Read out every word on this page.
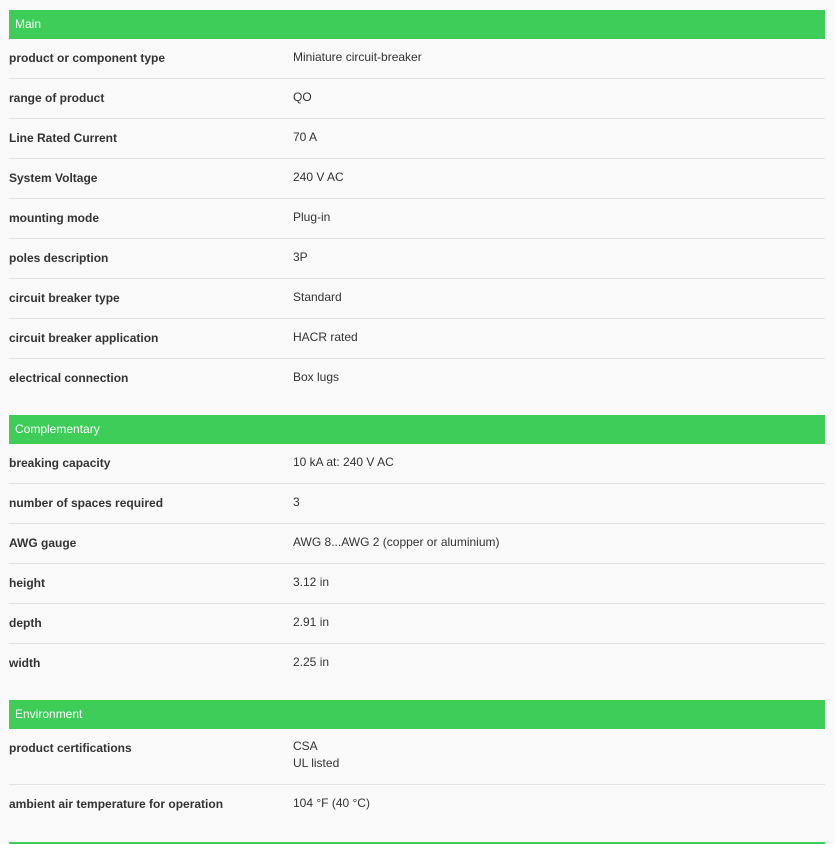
Main
product or component type	Miniature circuit-breaker
range of product	QO
Line Rated Current	70 A
System Voltage	240 V AC
mounting mode	Plug-in
poles description	3P
circuit breaker type	Standard
circuit breaker application	HACR rated
electrical connection	Box lugs
Complementary
breaking capacity	10 kA at: 240 V AC
number of spaces required	3
AWG gauge	AWG 8...AWG 2 (copper or aluminium)
height	3.12 in
depth	2.91 in
width	2.25 in
Environment
product certifications	CSA
UL listed
ambient air temperature for operation	104 °F (40 °C)
